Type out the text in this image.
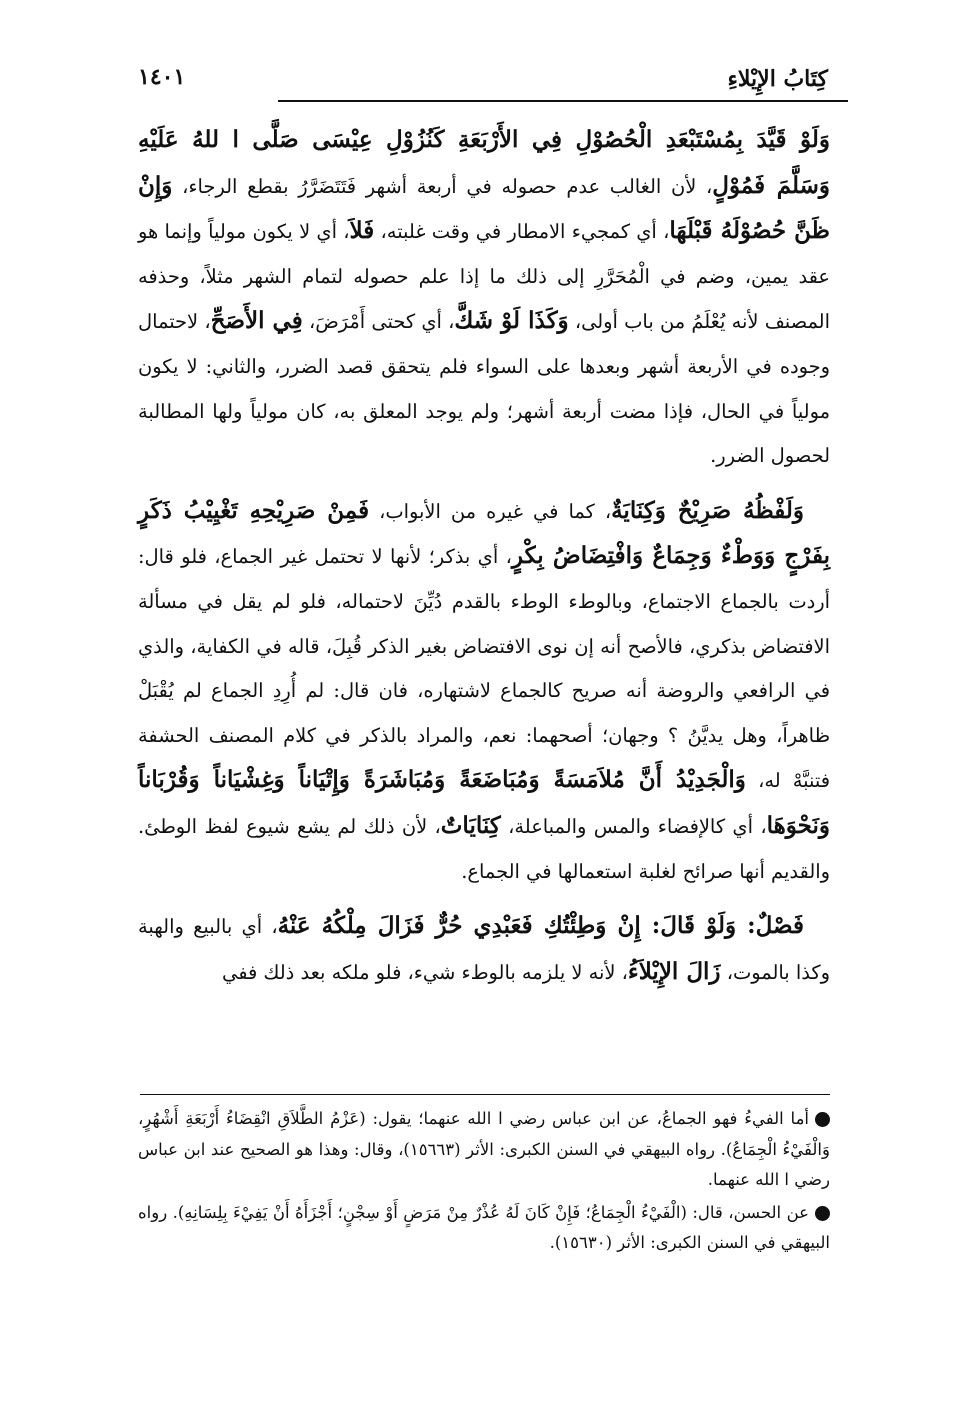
كِتَابُ الإِيْلاءِ
١٤٠١

وَلَوْ قَيَّدَ بِمُسْتَبْعَدِ الْحُصُوْلِ فِي الأَرْبَعَةِ كَنُزُوْلِ عِيْسَى صَلَّى ا للهُ عَلَيْهِ وَسَلَّمَ فَمُوْلٍ، لأن الغالب عدم حصوله في أربعة أشهر فَتَتَضَرَّرُ بقطع الرجاء، وَإِنْ ظَنَّ حُصُوْلَهُ قَبْلَهَا، أي كمجيء الامطار في وقت غلبته، فَلاَ، أي لا يكون مولياً وإنما هو عقد يمين، وضم في الْمُحَرَّرِ إلى ذلك ما إذا علم حصوله لتمام الشهر مثلاً، وحذفه المصنف لأنه يُعْلَمُ من باب أولى، وَكَذَا لَوْ شَكَّ، أي كحتى أَمْرَضَ، فِي الأَصَحِّ، لاحتمال وجوده في الأربعة أشهر وبعدها على السواء فلم يتحقق قصد الضرر، والثاني: لا يكون مولياً في الحال، فإذا مضت أربعة أشهر؛ ولم يوجد المعلق به، كان مولياً ولها المطالبة لحصول الضرر.

وَلَفْظُهُ صَرِيْحٌ وَكِنَايَةٌ، كما في غيره من الأبواب، فَمِنْ صَرِيْحِهِ تَغْيِيْبُ ذَكَرٍ بِفَرْجٍ وَوَطْءٌ وَجِمَاعٌ وَافْتِضَاضُ بِكْرٍ، أي بذكر؛ لأنها لا تحتمل غير الجماع، فلو قال: أردت بالجماع الاجتماع، وبالوطء الوطء بالقدم دُيِّنَ لاحتماله، فلو لم يقل في مسألة الافتضاض بذكري، فالأصح أنه إن نوى الافتضاض بغير الذكر قُبِلَ، قاله في الكفاية، والذي في الرافعي والروضة أنه صريح كالجماع لاشتهاره، فان قال: لم أُرِدِ الجماع لم يُقْبَلْ ظاهراً، وهل يديَّنُ ؟ وجهان؛ أصحهما: نعم، والمراد بالذكر في كلام المصنف الحشفة فتنبَّهْ له، وَالْجَدِيْدُ أَنَّ مُلاَمَسَةً وَمُبَاضَعَةً وَمُبَاشَرَةً وَإِتْيَاناً وَغِشْيَاناً وَقُرْبَاناً وَنَحْوَهَا، أي كالإفضاء والمس والمباعلة، كِنَايَاتٌ، لأن ذلك لم يشع شيوع لفظ الوطئ. والقديم أنها صرائح لغلبة استعمالها في الجماع.

فَصْلٌ: وَلَوْ قَالَ: إِنْ وَطِئْتُكِ فَعَبْدِي حُرٌّ فَزَالَ مِلْكُهُ عَنْهُ، أي بالبيع والهبة وكذا بالموت، زَالَ الإِيْلاَءُ، لأنه لا يلزمه بالوطء شيء، فلو ملكه بعد ذلك ففي

أما الفيءُ فهو الجماعُ، عن ابن عباس رضي ا الله عنهما؛ يقول: (عَزْمُ الطَّلاَقِ انْقِضَاءُ أَرْبَعَةِ أَشْهُرٍ، وَالْفَيْءُ الْجِمَاعُ). رواه البيهقي في السنن الكبرى: الأثر (١٥٦٦٣)، وقال: وهذا هو الصحيح عند ابن عباس رضي ا الله عنهما.
عن الحسن، قال: (الْفَيْءُ الْجِمَاعُ؛ فَإِنْ كَانَ لَهُ عُذْرٌ مِنْ مَرَضٍ أَوْ سِجْنٍ؛ أَجْزَأَهُ أَنْ يَفِيْءَ بِلِسَانِهِ). رواه البيهقي في السنن الكبرى: الأثر (١٥٦٣٠).
